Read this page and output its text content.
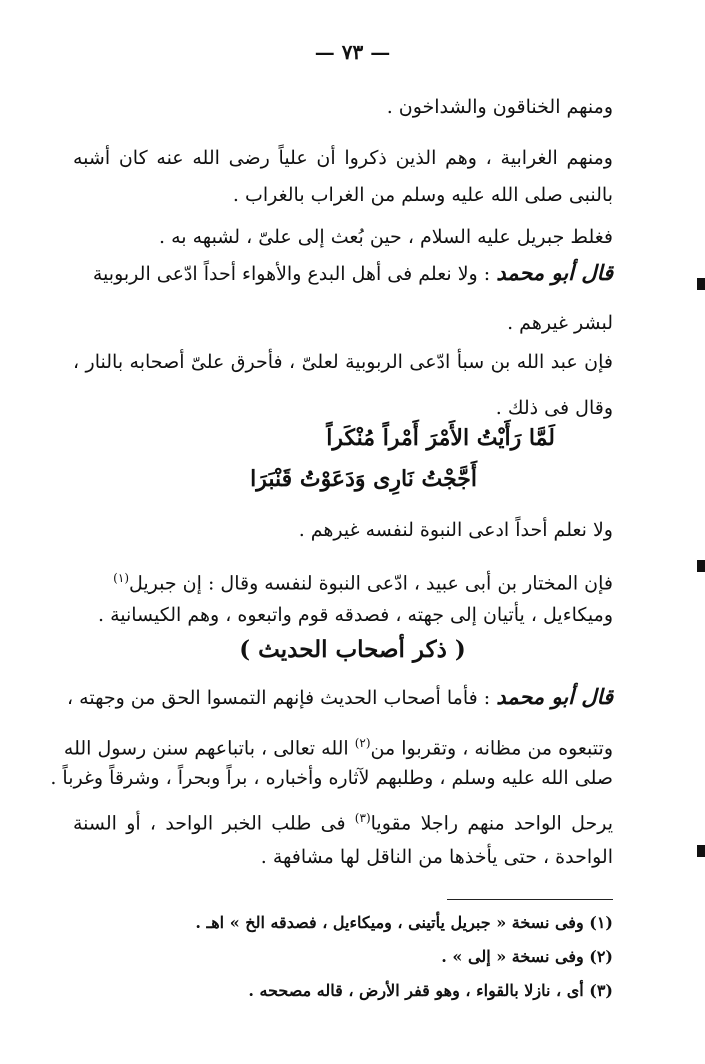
— ٧٣ —
ومنهم الخناقون والشداخون .
ومنهم الغرابية ، وهم الذين ذكروا أن علياً رضى الله عنه كان أشبه
بالنبى صلى الله عليه وسلم من الغراب بالغراب .
فغلط جبريل عليه السلام ، حين بُعث إلى علىّ ، لشبهه به .
قال أبو محمد : ولا نعلم فى أهل البدع والأهواء أحداً ادّعى الربوبية
لبشر غيرهم .
فإن عبد الله بن سبأ ادّعى الربوبية لعلىّ ، فأحرق علىّ أصحابه بالنار ،
وقال فى ذلك .
لَمَّا رَأَيْتُ الأَمْرَ أَمْراً مُنْكَراً
أَجَّجْتُ نَارِى وَدَعَوْتُ قَنْبَرَا
ولا نعلم أحداً ادعى النبوة لنفسه غيرهم .
فإن المختار بن أبى عبيد ، ادّعى النبوة لنفسه وقال : إن جبريل$^{(١)}$
وميكاءيل ، يأتيان إلى جهته ، فصدقه قوم واتبعوه ، وهم الكيسانية .
( ذكر أصحاب الحديث )
قال أبو محمد : فأما أصحاب الحديث فإنهم التمسوا الحق من وجهته ،
وتتبعوه من مظانه ، وتقربوا من$^{(٢)}$ الله تعالى ، باتباعهم سنن رسول الله
صلى الله عليه وسلم ، وطلبهم لآثاره وأخباره ، براً وبحراً ، وشرقاً وغرباً .
يرحل الواحد منهم راجلا مقويا$^{(٣)}$ فى طلب الخبر الواحد ، أو السنة
الواحدة ، حتى يأخذها من الناقل لها مشافهة .
(١) وفى نسخة « جبريل يأتينى ، وميكاءيل ، فصدقه الخ » اهـ .
(٢) وفى نسخة « إلى » .
(٣) أى ، نازلا بالقواء ، وهو قفر الأرض ، قاله مصححه .
